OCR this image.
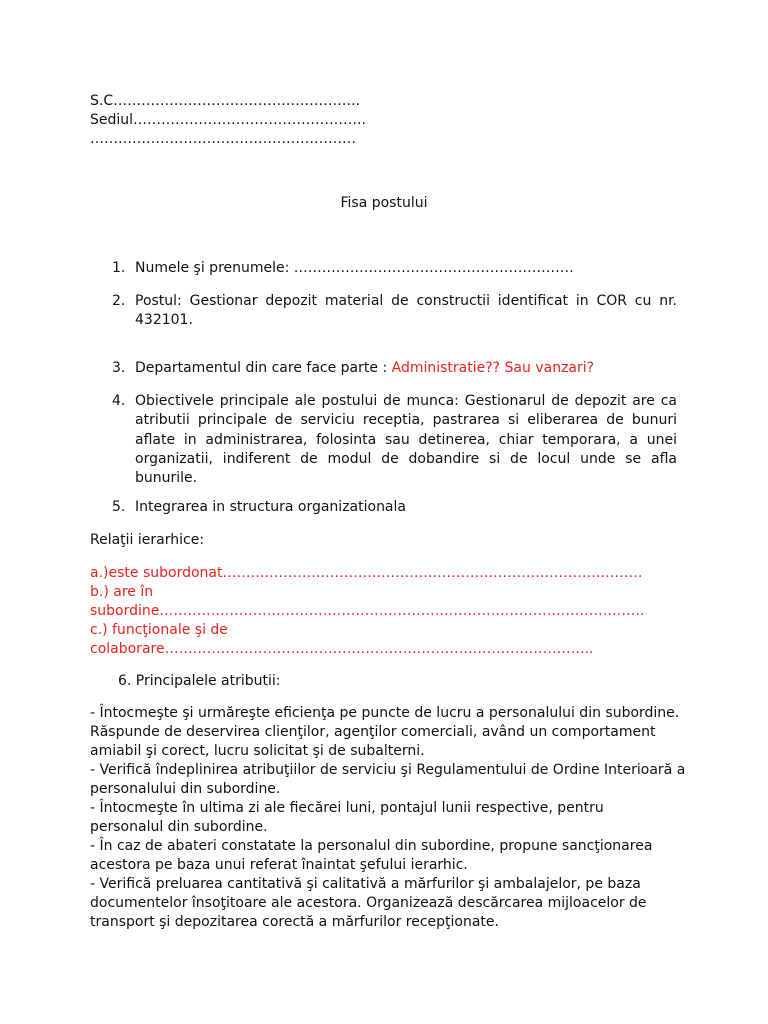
S.C……………………………………………..
Sediul…………………………………………..
…………………………………………………
Fisa postului
1. Numele şi prenumele: ……………………………………………………
2. Postul: Gestionar depozit material de constructii identificat in COR cu nr. 432101.
3. Departamentul din care face parte : Administratie?? Sau vanzari?
4. Obiectivele principale ale postului de munca: Gestionarul de depozit are ca atributii principale de serviciu receptia, pastrarea si eliberarea de bunuri aflate in administrarea, folosinta sau detinerea, chiar temporara, a unei organizatii, indiferent de modul de dobandire si de locul unde se afla bunurile.
5. Integrarea in structura organizationala
Relaţii ierarhice:
a.)este subordonat………………………………………………………………………………
b.) are în
subordine…………………………………………………………………………………………..
c.) funcţionale şi de
colaborare………………………………………………………………………………..
6. Principalele atributii:
- Întocmeşte şi urmăreşte eficienţa pe puncte de lucru a personalului din subordine.
Răspunde de deservirea clienţilor, agenţilor comerciali, având un comportament
amiabil şi corect, lucru solicitat şi de subalterni.
- Verifică îndeplinirea atribuţiilor de serviciu şi Regulamentului de Ordine Interioară a
personalului din subordine.
- Întocmeşte în ultima zi ale fiecărei luni, pontajul lunii respective, pentru
personalul din subordine.
- În caz de abateri constatate la personalul din subordine, propune sancţionarea
acestora pe baza unui referat înaintat şefului ierarhic.
- Verifică preluarea cantitativă şi calitativă a mărfurilor şi ambalajelor, pe baza
documentelor însoţitoare ale acestora. Organizează descărcarea mijloacelor de
transport şi depozitarea corectă a mărfurilor recepţionate.
